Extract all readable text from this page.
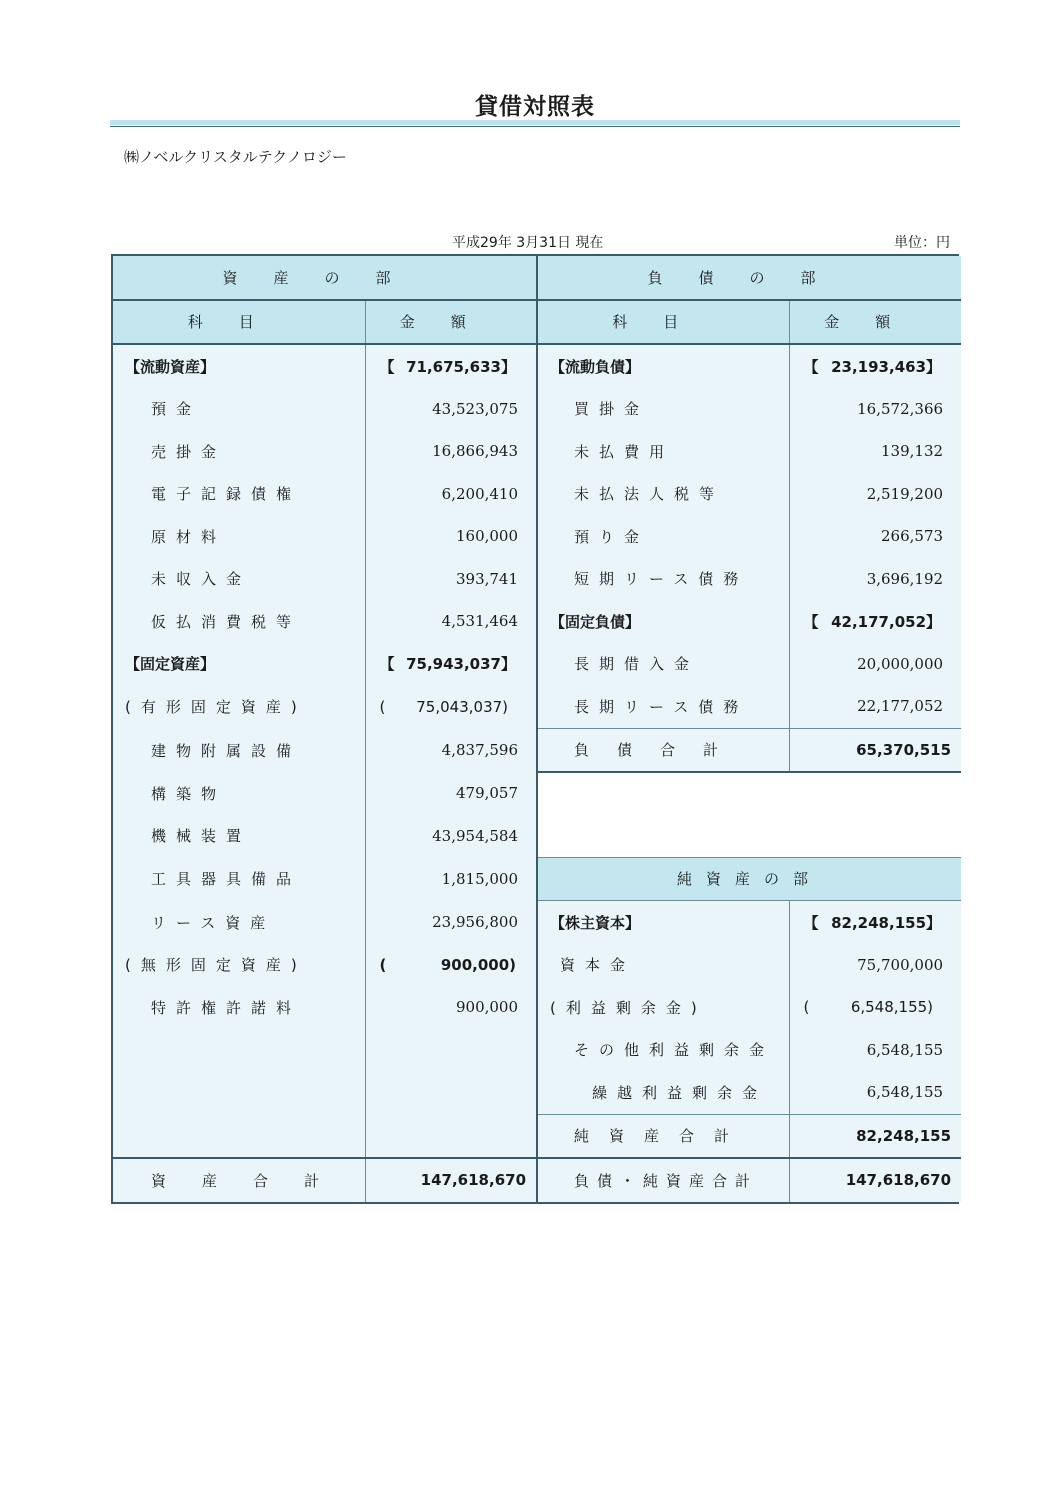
貸借対照表
㈱ノベルクリスタルテクノロジー
平成29年 3月31日 現在	単位：円
資産の部		負債の部	
科目	金額	科目	金額
【流動資産】	【 71,675,633】	【流動負債】	【 23,193,463】

預金	43,523,075	買掛金	16,572,366
売掛金	16,866,943	未払費用	139,132
電子記録債権	6,200,410	未払法人税等	2,519,200
原材料	160,000	預り金	266,573
未収入金	393,741	短期リース債務	3,696,192
仮払消費税等	4,531,464	【固定負債】	【 42,177,052】

【固定資産】	【 75,943,037】	長期借入金	20,000,000
(有形固定資産)	( 75,043,037)	長期リース債務	22,177,052
建物附属設備	4,837,596	負債合計	65,370,515
構築物	479,057		
機械装置	43,954,584		
工具器具備品	1,815,000	純資産の部	
リース資産	23,956,800	【株主資本】	【 82,248,155】

(無形固定資産)	( 900,000)	資本金	75,700,000
特許権許諾料	900,000	(利益剰余金)	( 6,548,155)

		その他利益剰余金	6,548,155
		繰越利益剰余金	6,548,155
		純資産合計	82,248,155
資産合計	147,618,670	負債・純資産合計	147,618,670
